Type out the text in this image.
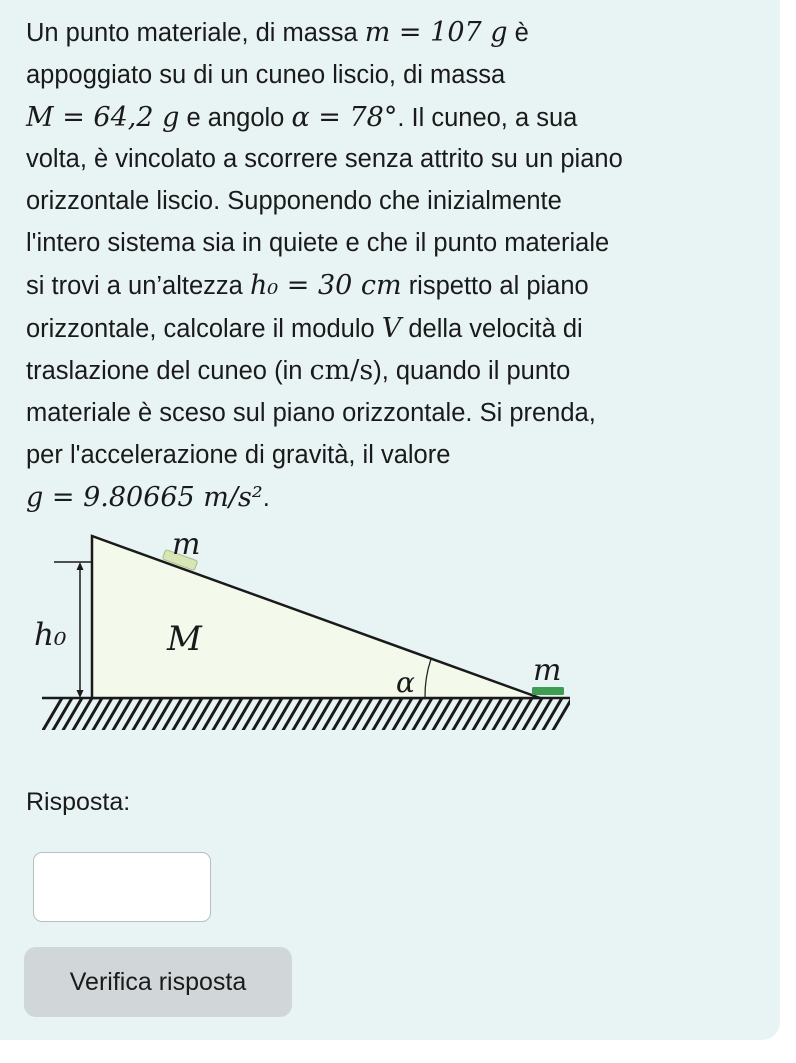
Un punto materiale, di massa m = 107 g è
appoggiato su di un cuneo liscio, di massa
M = 64,2 g e angolo α = 78°. Il cuneo, a sua
volta, è vincolato a scorrere senza attrito su un piano
orizzontale liscio. Supponendo che inizialmente
l'intero sistema sia in quiete e che il punto materiale
si trovi a un’altezza h₀ = 30 cm rispetto al piano
orizzontale, calcolare il modulo V della velocità di
traslazione del cuneo (in cm/s), quando il punto
materiale è sceso sul piano orizzontale. Si prenda,
per l'accelerazione di gravità, il valore
g = 9.80665 m/s².
m
M
h₀
α	m
Risposta:
Verifica risposta
